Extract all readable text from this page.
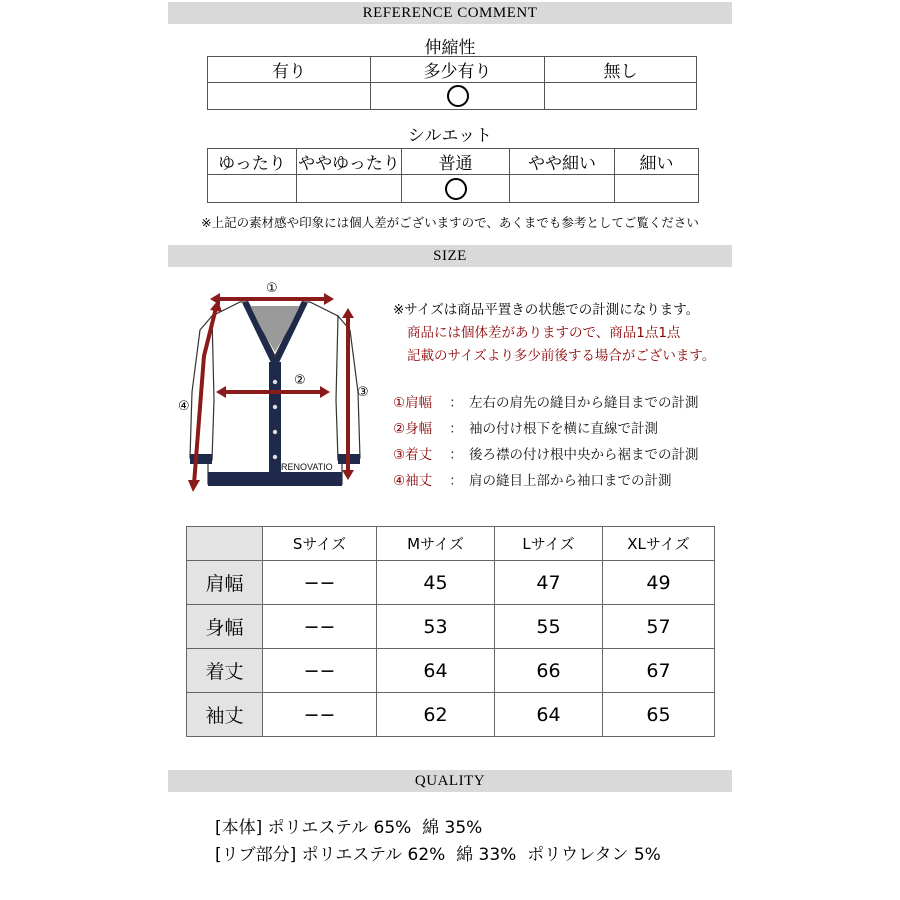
REFERENCE COMMENT
伸縮性
有り	多少有り	無し

シルエット
ゆったり	ややゆったり	普通	やや細い	細い

※上記の素材感や印象には個人差がございますので、あくまでも参考としてご覧ください
SIZE
RENOVATIO
①
②
③
④
※サイズは商品平置きの状態での計測になります。
商品には個体差がありますので、商品1点1点
記載のサイズより多少前後する場合がございます。
①肩幅	： 左右の肩先の縫目から縫目までの計測
②身幅	： 袖の付け根下を横に直線で計測
③着丈	： 後ろ襟の付け根中央から裾までの計測
④袖丈	： 肩の縫目上部から袖口までの計測
	Sサイズ	Mサイズ	Lサイズ	XLサイズ
肩幅	−−	45	47	49
身幅	−−	53	55	57
着丈	−−	64	66	67
袖丈	−−	62	64	65
QUALITY
[本体] ポリエステル 65%  綿 35%
[リブ部分] ポリエステル 62%  綿 33%  ポリウレタン 5%
